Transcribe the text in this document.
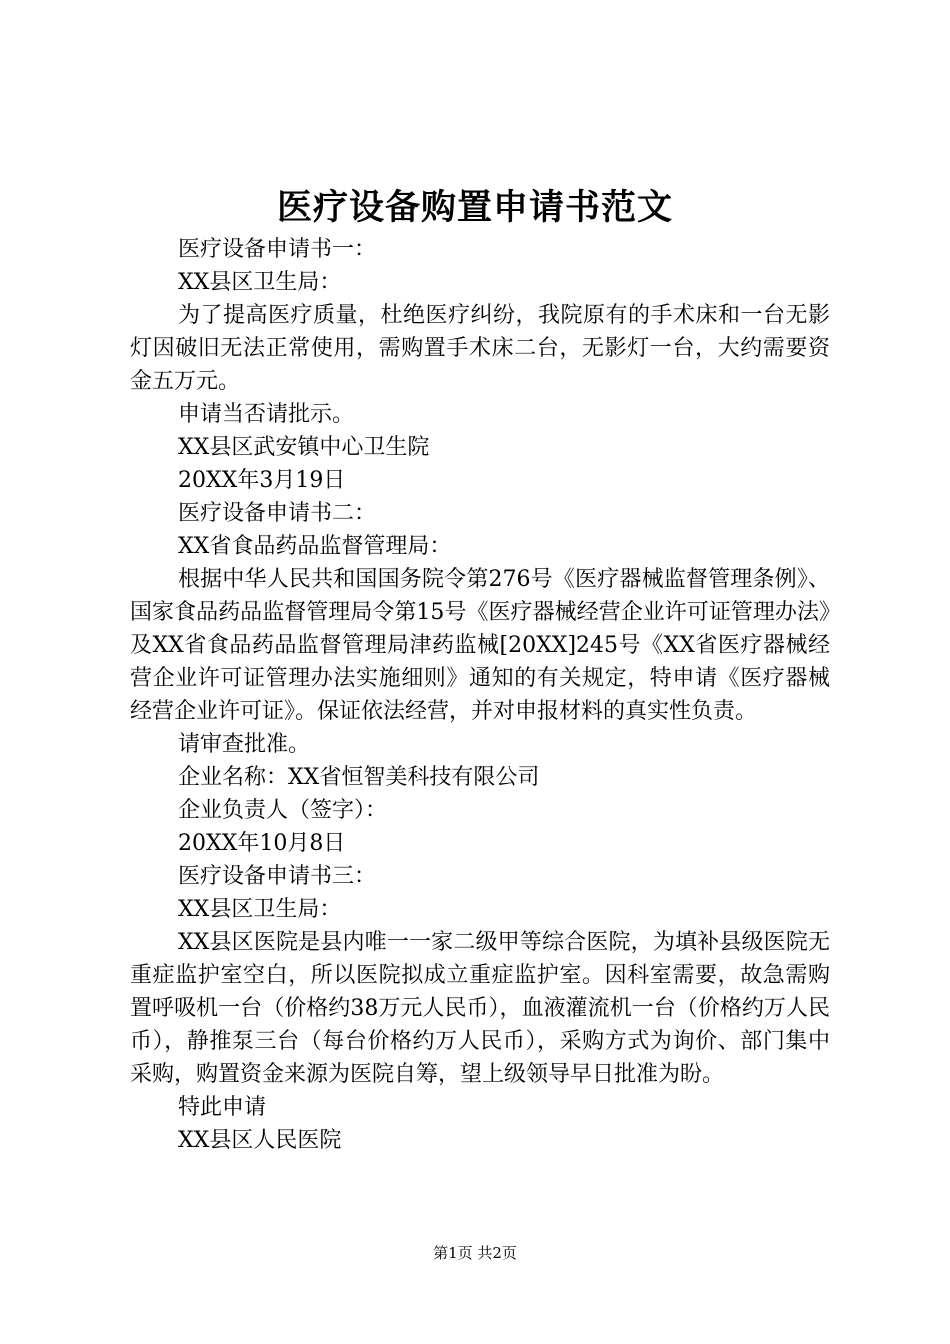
医疗设备购置申请书范文

医疗设备申请书一：

XX县区卫生局：

为了提高医疗质量，杜绝医疗纠纷，我院原有的手术床和一台无影灯因破旧无法正常使用，需购置手术床二台，无影灯一台，大约需要资金五万元。

申请当否请批示。

XX县区武安镇中心卫生院

20XX年3月19日

医疗设备申请书二：

XX省食品药品监督管理局：

根据中华人民共和国国务院令第276号《医疗器械监督管理条例》、国家食品药品监督管理局令第15号《医疗器械经营企业许可证管理办法》及XX省食品药品监督管理局津药监械[20XX]245号《XX省医疗器械经营企业许可证管理办法实施细则》通知的有关规定，特申请《医疗器械经营企业许可证》。保证依法经营，并对申报材料的真实性负责。

请审查批准。

企业名称：XX省恒智美科技有限公司

企业负责人（签字）：

20XX年10月8日

医疗设备申请书三：

XX县区卫生局：

XX县区医院是县内唯一一家二级甲等综合医院，为填补县级医院无重症监护室空白，所以医院拟成立重症监护室。因科室需要，故急需购置呼吸机一台（价格约38万元人民币），血液灌流机一台（价格约万人民币），静推泵三台（每台价格约万人民币），采购方式为询价、部门集中采购，购置资金来源为医院自筹，望上级领导早日批准为盼。

特此申请

XX县区人民医院

第1页 共2页
